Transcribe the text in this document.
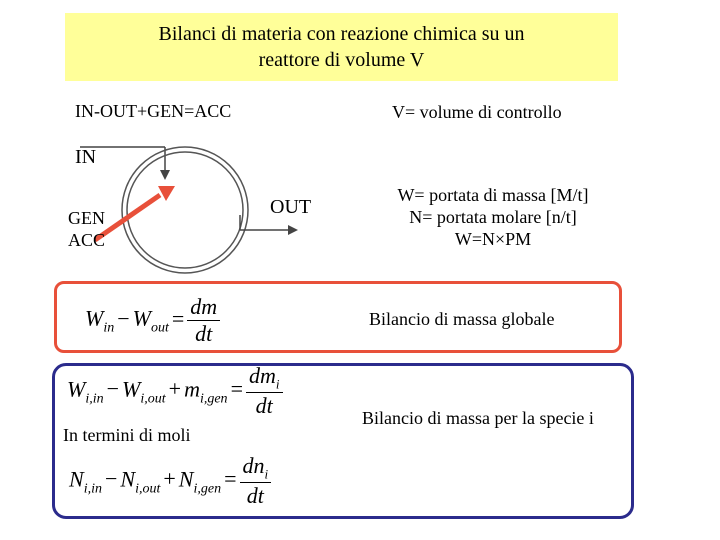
Bilanci di materia con reazione chimica su un
reattore di volume V
IN-OUT+GEN=ACC	V= volume di controllo
IN
OUT
GEN
ACC
W= portata di massa [M/t]
N= portata molare [n/t]
W=N×PM
$W_{in} - W_{out} = \frac{dm}{dt}$	Bilancio di massa globale
$W_{i,in} - W_{i,out} + m_{i,gen} = \frac{dm_i}{dt}$	Bilancio di massa per la specie i
In termini di moli
$N_{i,in} - N_{i,out} + N_{i,gen} = \frac{dn_i}{dt}$
